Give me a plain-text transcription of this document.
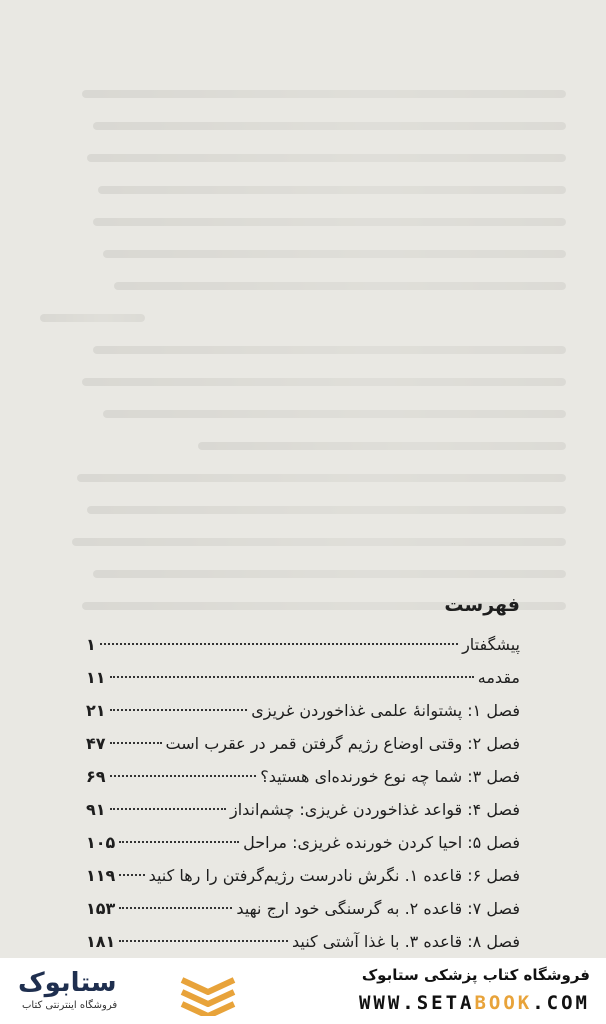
فهرست
پیشگفتار
۱
مقدمه
۱۱
فصل ۱: پشتوانهٔ علمی غذاخوردن غریزی
۲۱
فصل ۲: وقتی اوضاع رژیم گرفتن قمر در عقرب است
۴۷
فصل ۳: شما چه نوع خورنده‌ای هستید؟
۶۹
فصل ۴: قواعد غذاخوردن غریزی: چشم‌انداز
۹۱
فصل ۵: احیا کردن خورنده غریزی: مراحل
۱۰۵
فصل ۶: قاعده ۱. نگرش نادرست رژیم‌گرفتن را رها کنید
۱۱۹
فصل ۷: قاعده ۲. به گرسنگی خود ارج نهید
۱۵۳
فصل ۸: قاعده ۳. با غذا آشتی کنید
۱۸۱
ستابوک
فروشگاه اینترنتی کتاب
فروشگاه کتاب پزشکی ستابوک
WWW.SETABOOK.COM
